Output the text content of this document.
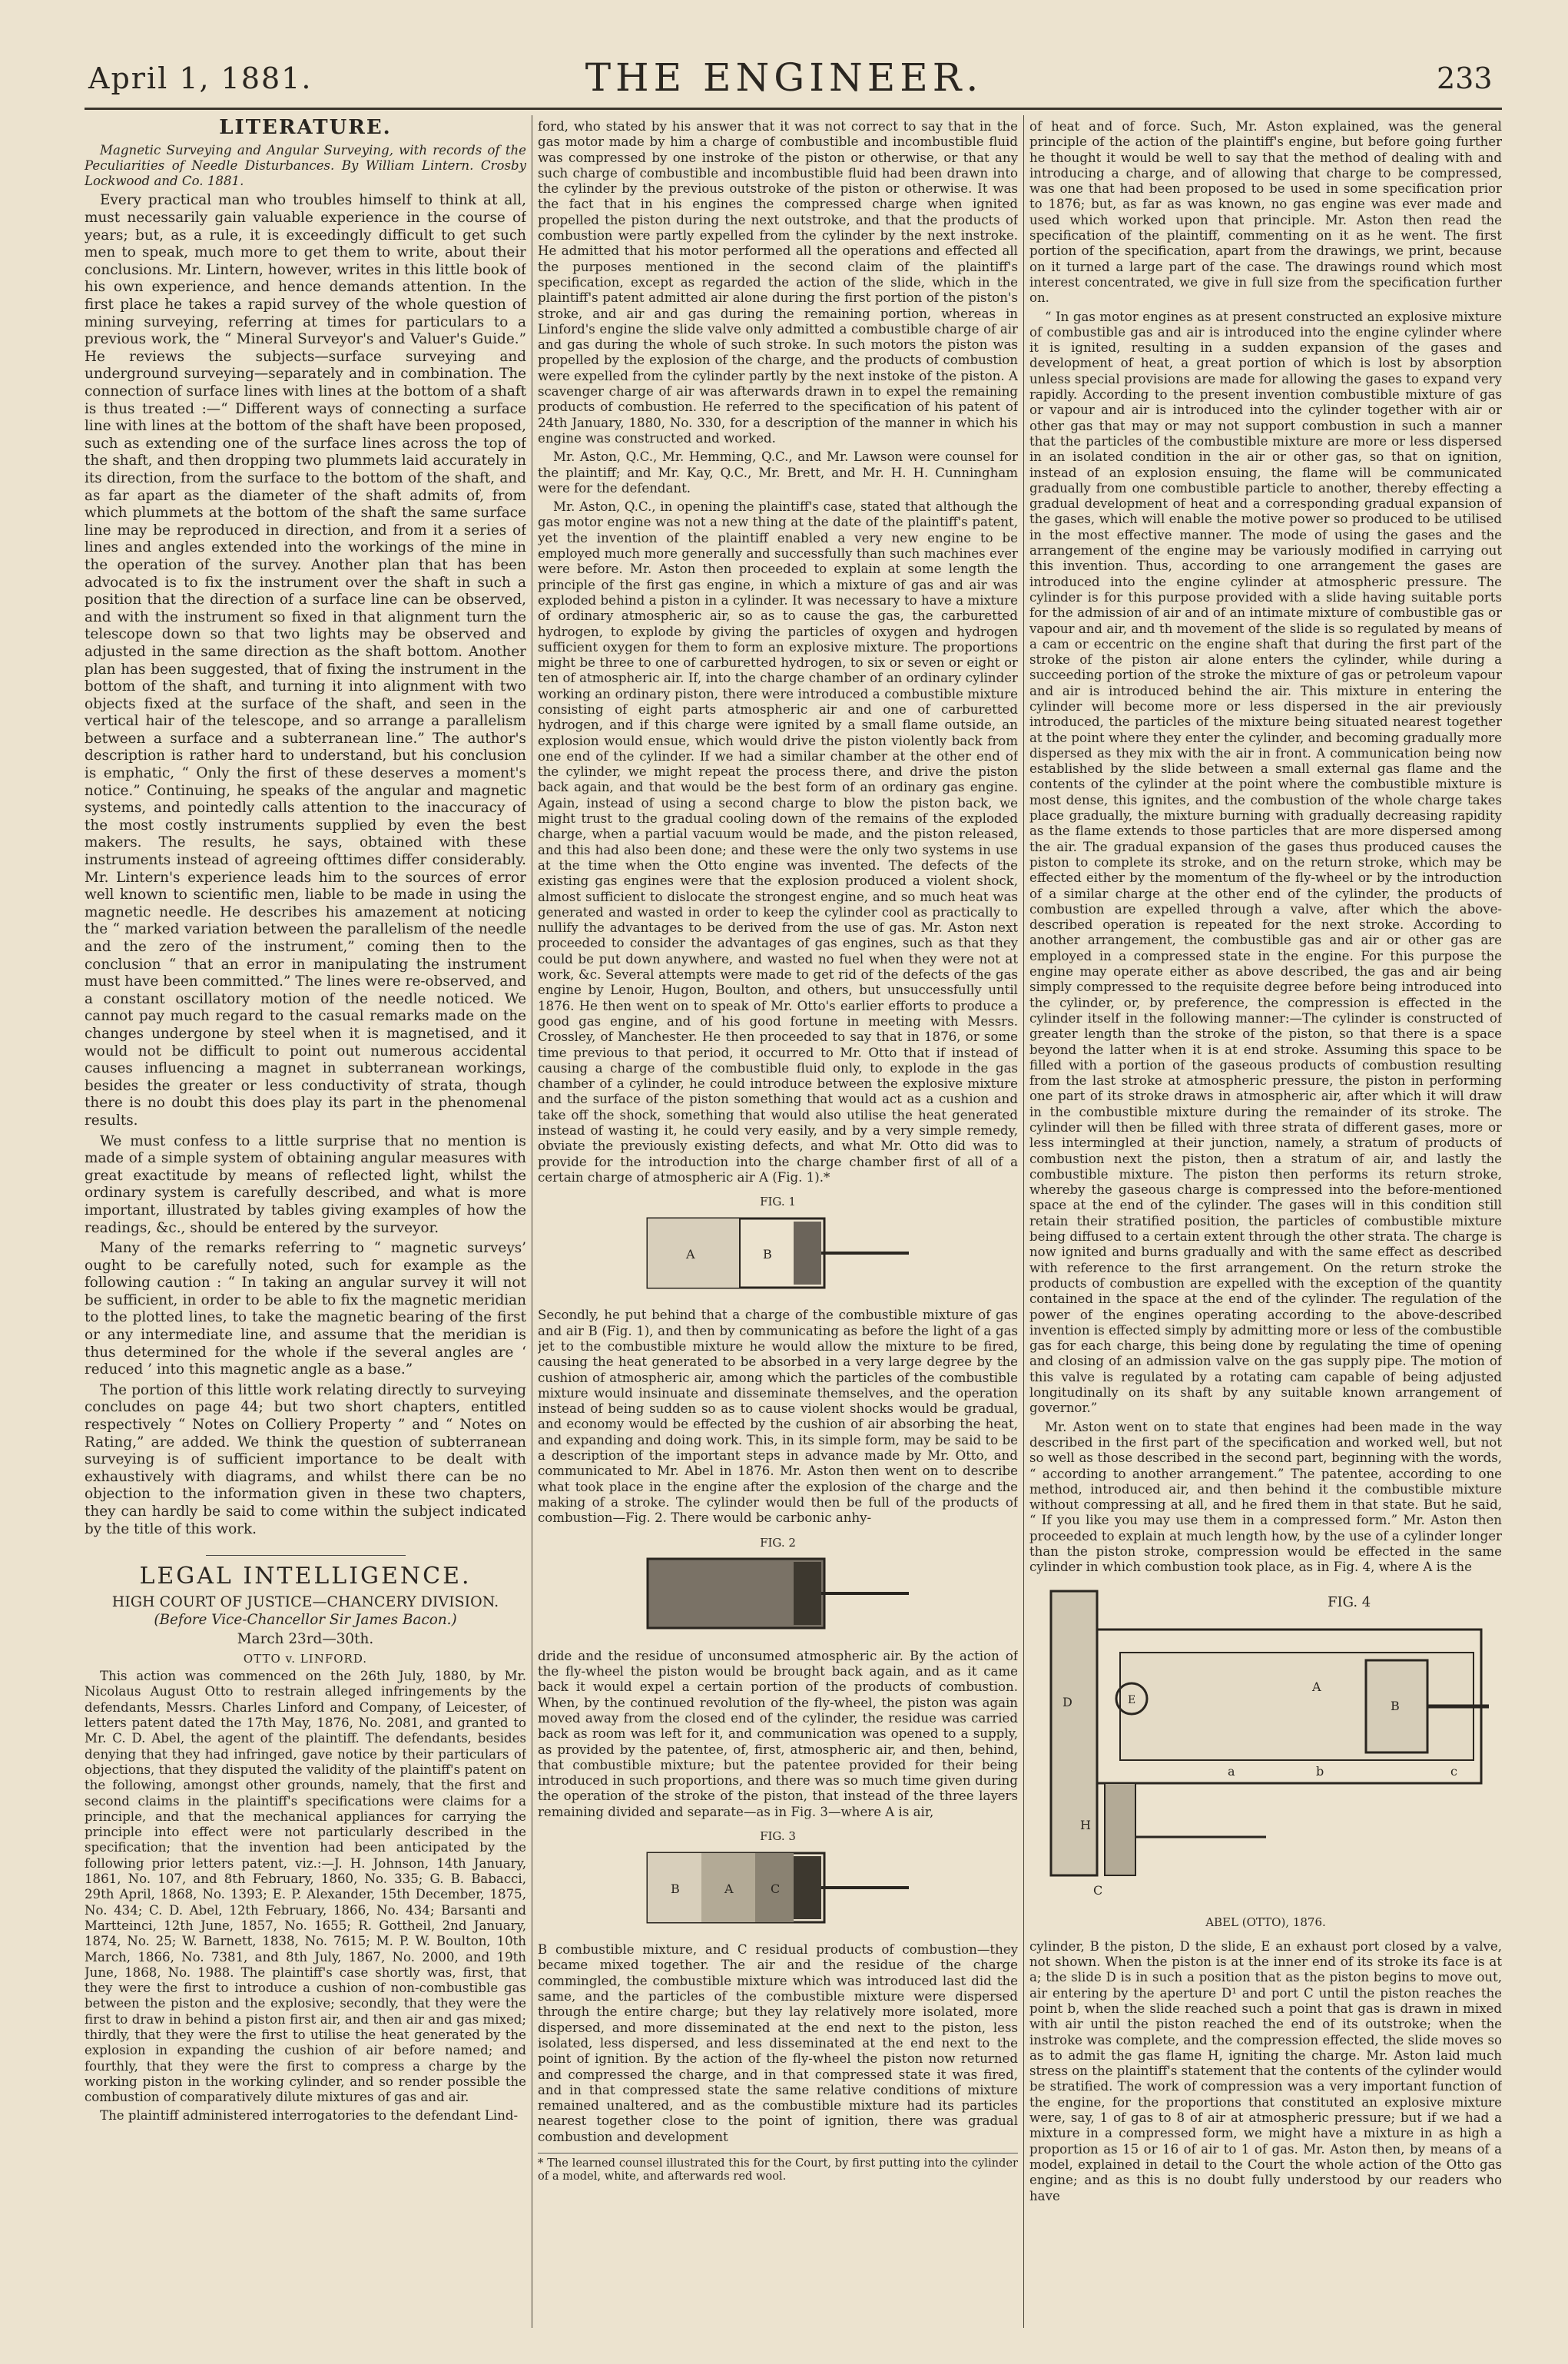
April 1, 1881.	THE ENGINEER.	233
LITERATURE.

Magnetic Surveying and Angular Surveying, with records of the Peculiarities of Needle Disturbances. By William Lintern. Crosby Lockwood and Co. 1881.

Every practical man who troubles himself to think at all, must necessarily gain valuable experience in the course of years; but, as a rule, it is exceedingly difficult to get such men to speak, much more to get them to write, about their conclusions. Mr. Lintern, however, writes in this little book of his own experience, and hence demands attention. In the first place he takes a rapid survey of the whole question of mining surveying, referring at times for particulars to a previous work, the “ Mineral Surveyor's and Valuer's Guide.” He reviews the subjects—surface surveying and underground surveying—separately and in combination. The connection of surface lines with lines at the bottom of a shaft is thus treated :—“ Different ways of connecting a surface line with lines at the bottom of the shaft have been proposed, such as extending one of the surface lines across the top of the shaft, and then dropping two plummets laid accurately in its direction, from the surface to the bottom of the shaft, and as far apart as the diameter of the shaft admits of, from which plummets at the bottom of the shaft the same surface line may be reproduced in direction, and from it a series of lines and angles extended into the workings of the mine in the operation of the survey. Another plan that has been advocated is to fix the instrument over the shaft in such a position that the direction of a surface line can be observed, and with the instrument so fixed in that alignment turn the telescope down so that two lights may be observed and adjusted in the same direction as the shaft bottom. Another plan has been suggested, that of fixing the instrument in the bottom of the shaft, and turning it into alignment with two objects fixed at the surface of the shaft, and seen in the vertical hair of the telescope, and so arrange a parallelism between a surface and a subterranean line.” The author's description is rather hard to understand, but his conclusion is emphatic, “ Only the first of these deserves a moment's notice.” Continuing, he speaks of the angular and magnetic systems, and pointedly calls attention to the inaccuracy of the most costly instruments supplied by even the best makers. The results, he says, obtained with these instruments instead of agreeing ofttimes differ considerably. Mr. Lintern's experience leads him to the sources of error well known to scientific men, liable to be made in using the magnetic needle. He describes his amazement at noticing the “ marked variation between the parallelism of the needle and the zero of the instrument,” coming then to the conclusion “ that an error in manipulating the instrument must have been committed.” The lines were re-observed, and a constant oscillatory motion of the needle noticed. We cannot pay much regard to the casual remarks made on the changes undergone by steel when it is magnetised, and it would not be difficult to point out numerous accidental causes influencing a magnet in subterranean workings, besides the greater or less conductivity of strata, though there is no doubt this does play its part in the phenomenal results.

We must confess to a little surprise that no mention is made of a simple system of obtaining angular measures with great exactitude by means of reflected light, whilst the ordinary system is carefully described, and what is more important, illustrated by tables giving examples of how the readings, &c., should be entered by the surveyor.

Many of the remarks referring to “ magnetic surveys’ ought to be carefully noted, such for example as the following caution : “ In taking an angular survey it will not be sufficient, in order to be able to fix the magnetic meridian to the plotted lines, to take the magnetic bearing of the first or any intermediate line, and assume that the meridian is thus determined for the whole if the several angles are ‘ reduced ’ into this magnetic angle as a base.”

The portion of this little work relating directly to surveying concludes on page 44; but two short chapters, entitled respectively “ Notes on Colliery Property ” and “ Notes on Rating,” are added. We think the question of subterranean surveying is of sufficient importance to be dealt with exhaustively with diagrams, and whilst there can be no objection to the information given in these two chapters, they can hardly be said to come within the subject indicated by the title of this work.

LEGAL INTELLIGENCE.
HIGH COURT OF JUSTICE—CHANCERY DIVISION.
(Before Vice-Chancellor Sir James Bacon.)
March 23rd—30th.
OTTO v. LINFORD.

This action was commenced on the 26th July, 1880, by Mr. Nicolaus August Otto to restrain alleged infringements by the defendants, Messrs. Charles Linford and Company, of Leicester, of letters patent dated the 17th May, 1876, No. 2081, and granted to Mr. C. D. Abel, the agent of the plaintiff. The defendants, besides denying that they had infringed, gave notice by their particulars of objections, that they disputed the validity of the plaintiff's patent on the following, amongst other grounds, namely, that the first and second claims in the plaintiff's specifications were claims for a principle, and that the mechanical appliances for carrying the principle into effect were not particularly described in the specification; that the invention had been anticipated by the following prior letters patent, viz.:—J. H. Johnson, 14th January, 1861, No. 107, and 8th February, 1860, No. 335; G. B. Babacci, 29th April, 1868, No. 1393; E. P. Alexander, 15th December, 1875, No. 434; C. D. Abel, 12th February, 1866, No. 434; Barsanti and Martteinci, 12th June, 1857, No. 1655; R. Gottheil, 2nd January, 1874, No. 25; W. Barnett, 1838, No. 7615; M. P. W. Boulton, 10th March, 1866, No. 7381, and 8th July, 1867, No. 2000, and 19th June, 1868, No. 1988. The plaintiff's case shortly was, first, that they were the first to introduce a cushion of non-combustible gas between the piston and the explosive; secondly, that they were the first to draw in behind a piston first air, and then air and gas mixed; thirdly, that they were the first to utilise the heat generated by the explosion in expanding the cushion of air before named; and fourthly, that they were the first to compress a charge by the working piston in the working cylinder, and so render possible the combustion of comparatively dilute mixtures of gas and air.

The plaintiff administered interrogatories to the defendant Lind-

ford, who stated by his answer that it was not correct to say that in the gas motor made by him a charge of combustible and incombustible fluid was compressed by one instroke of the piston or otherwise, or that any such charge of combustible and incombustible fluid had been drawn into the cylinder by the previous outstroke of the piston or otherwise. It was the fact that in his engines the compressed charge when ignited propelled the piston during the next outstroke, and that the products of combustion were partly expelled from the cylinder by the next instroke. He admitted that his motor performed all the operations and effected all the purposes mentioned in the second claim of the plaintiff's specification, except as regarded the action of the slide, which in the plaintiff's patent admitted air alone during the first portion of the piston's stroke, and air and gas during the remaining portion, whereas in Linford's engine the slide valve only admitted a combustible charge of air and gas during the whole of such stroke. In such motors the piston was propelled by the explosion of the charge, and the products of combustion were expelled from the cylinder partly by the next instoke of the piston. A scavenger charge of air was afterwards drawn in to expel the remaining products of combustion. He referred to the specification of his patent of 24th January, 1880, No. 330, for a description of the manner in which his engine was constructed and worked.

Mr. Aston, Q.C., Mr. Hemming, Q.C., and Mr. Lawson were counsel for the plaintiff; and Mr. Kay, Q.C., Mr. Brett, and Mr. H. H. Cunningham were for the defendant.

Mr. Aston, Q.C., in opening the plaintiff's case, stated that although the gas motor engine was not a new thing at the date of the plaintiff's patent, yet the invention of the plaintiff enabled a very new engine to be employed much more generally and successfully than such machines ever were before. Mr. Aston then proceeded to explain at some length the principle of the first gas engine, in which a mixture of gas and air was exploded behind a piston in a cylinder. It was necessary to have a mixture of ordinary atmospheric air, so as to cause the gas, the carburetted hydrogen, to explode by giving the particles of oxygen and hydrogen sufficient oxygen for them to form an explosive mixture. The proportions might be three to one of carburetted hydrogen, to six or seven or eight or ten of atmospheric air. If, into the charge chamber of an ordinary cylinder working an ordinary piston, there were introduced a combustible mixture consisting of eight parts atmospheric air and one of carburetted hydrogen, and if this charge were ignited by a small flame outside, an explosion would ensue, which would drive the piston violently back from one end of the cylinder. If we had a similar chamber at the other end of the cylinder, we might repeat the process there, and drive the piston back again, and that would be the best form of an ordinary gas engine. Again, instead of using a second charge to blow the piston back, we might trust to the gradual cooling down of the remains of the exploded charge, when a partial vacuum would be made, and the piston released, and this had also been done; and these were the only two systems in use at the time when the Otto engine was invented. The defects of the existing gas engines were that the explosion produced a violent shock, almost sufficient to dislocate the strongest engine, and so much heat was generated and wasted in order to keep the cylinder cool as practically to nullify the advantages to be derived from the use of gas. Mr. Aston next proceeded to consider the advantages of gas engines, such as that they could be put down anywhere, and wasted no fuel when they were not at work, &c. Several attempts were made to get rid of the defects of the gas engine by Lenoir, Hugon, Boulton, and others, but unsuccessfully until 1876. He then went on to speak of Mr. Otto's earlier efforts to produce a good gas engine, and of his good fortune in meeting with Messrs. Crossley, of Manchester. He then proceeded to say that in 1876, or some time previous to that period, it occurred to Mr. Otto that if instead of causing a charge of the combustible fluid only, to explode in the gas chamber of a cylinder, he could introduce between the explosive mixture and the surface of the piston something that would act as a cushion and take off the shock, something that would also utilise the heat generated instead of wasting it, he could very easily, and by a very simple remedy, obviate the previously existing defects, and what Mr. Otto did was to provide for the introduction into the charge chamber first of all of a certain charge of atmospheric air A (Fig. 1).*

FIG. 1
A	B

Secondly, he put behind that a charge of the combustible mixture of gas and air B (Fig. 1), and then by communicating as before the light of a gas jet to the combustible mixture he would allow the mixture to be fired, causing the heat generated to be absorbed in a very large degree by the cushion of atmospheric air, among which the particles of the combustible mixture would insinuate and disseminate themselves, and the operation instead of being sudden so as to cause violent shocks would be gradual, and economy would be effected by the cushion of air absorbing the heat, and expanding and doing work. This, in its simple form, may be said to be a description of the important steps in advance made by Mr. Otto, and communicated to Mr. Abel in 1876. Mr. Aston then went on to describe what took place in the engine after the explosion of the charge and the making of a stroke. The cylinder would then be full of the products of combustion—Fig. 2. There would be carbonic anhy-

FIG. 2

dride and the residue of unconsumed atmospheric air. By the action of the fly-wheel the piston would be brought back again, and as it came back it would expel a certain portion of the products of combustion. When, by the continued revolution of the fly-wheel, the piston was again moved away from the closed end of the cylinder, the residue was carried back as room was left for it, and communication was opened to a supply, as provided by the patentee, of, first, atmospheric air, and then, behind, that combustible mixture; but the patentee provided for their being introduced in such proportions, and there was so much time given during the operation of the stroke of the piston, that instead of the three layers remaining divided and separate—as in Fig. 3—where A is air,

FIG. 3
B	A	C

B combustible mixture, and C residual products of combustion—they became mixed together. The air and the residue of the charge commingled, the combustible mixture which was introduced last did the same, and the particles of the combustible mixture were dispersed through the entire charge; but they lay relatively more isolated, more dispersed, and more disseminated at the end next to the piston, less isolated, less dispersed, and less disseminated at the end next to the point of ignition. By the action of the fly-wheel the piston now returned and compressed the charge, and in that compressed state it was fired, and in that compressed state the same relative conditions of mixture remained unaltered, and as the combustible mixture had its particles nearest together close to the point of ignition, there was gradual combustion and development

* The learned counsel illustrated this for the Court, by first putting into the cylinder of a model, white, and afterwards red wool.

of heat and of force. Such, Mr. Aston explained, was the general principle of the action of the plaintiff's engine, but before going further he thought it would be well to say that the method of dealing with and introducing a charge, and of allowing that charge to be compressed, was one that had been proposed to be used in some specification prior to 1876; but, as far as was known, no gas engine was ever made and used which worked upon that principle. Mr. Aston then read the specification of the plaintiff, commenting on it as he went. The first portion of the specification, apart from the drawings, we print, because on it turned a large part of the case. The drawings round which most interest concentrated, we give in full size from the specification further on.

“ In gas motor engines as at present constructed an explosive mixture of combustible gas and air is introduced into the engine cylinder where it is ignited, resulting in a sudden expansion of the gases and development of heat, a great portion of which is lost by absorption unless special provisions are made for allowing the gases to expand very rapidly. According to the present invention combustible mixture of gas or vapour and air is introduced into the cylinder together with air or other gas that may or may not support combustion in such a manner that the particles of the combustible mixture are more or less dispersed in an isolated condition in the air or other gas, so that on ignition, instead of an explosion ensuing, the flame will be communicated gradually from one combustible particle to another, thereby effecting a gradual development of heat and a corresponding gradual expansion of the gases, which will enable the motive power so produced to be utilised in the most effective manner. The mode of using the gases and the arrangement of the engine may be variously modified in carrying out this invention. Thus, according to one arrangement the gases are introduced into the engine cylinder at atmospheric pressure. The cylinder is for this purpose provided with a slide having suitable ports for the admission of air and of an intimate mixture of combustible gas or vapour and air, and th movement of the slide is so regulated by means of a cam or eccentric on the engine shaft that during the first part of the stroke of the piston air alone enters the cylinder, while during a succeeding portion of the stroke the mixture of gas or petroleum vapour and air is introduced behind the air. This mixture in entering the cylinder will become more or less dispersed in the air previously introduced, the particles of the mixture being situated nearest together at the point where they enter the cylinder, and becoming gradually more dispersed as they mix with the air in front. A communication being now established by the slide between a small external gas flame and the contents of the cylinder at the point where the combustible mixture is most dense, this ignites, and the combustion of the whole charge takes place gradually, the mixture burning with gradually decreasing rapidity as the flame extends to those particles that are more dispersed among the air. The gradual expansion of the gases thus produced causes the piston to complete its stroke, and on the return stroke, which may be effected either by the momentum of the fly-wheel or by the introduction of a similar charge at the other end of the cylinder, the products of combustion are expelled through a valve, after which the above-described operation is repeated for the next stroke. According to another arrangement, the combustible gas and air or other gas are employed in a compressed state in the engine. For this purpose the engine may operate either as above described, the gas and air being simply compressed to the requisite degree before being introduced into the cylinder, or, by preference, the compression is effected in the cylinder itself in the following manner:—The cylinder is constructed of greater length than the stroke of the piston, so that there is a space beyond the latter when it is at end stroke. Assuming this space to be filled with a portion of the gaseous products of combustion resulting from the last stroke at atmospheric pressure, the piston in performing one part of its stroke draws in atmospheric air, after which it will draw in the combustible mixture during the remainder of its stroke. The cylinder will then be filled with three strata of different gases, more or less intermingled at their junction, namely, a stratum of products of combustion next the piston, then a stratum of air, and lastly the combustible mixture. The piston then performs its return stroke, whereby the gaseous charge is compressed into the before-mentioned space at the end of the cylinder. The gases will in this condition still retain their stratified position, the particles of combustible mixture being diffused to a certain extent through the other strata. The charge is now ignited and burns gradually and with the same effect as described with reference to the first arrangement. On the return stroke the products of combustion are expelled with the exception of the quantity contained in the space at the end of the cylinder. The regulation of the power of the engines operating according to the above-described invention is effected simply by admitting more or less of the combustible gas for each charge, this being done by regulating the time of opening and closing of an admission valve on the gas supply pipe. The motion of this valve is regulated by a rotating cam capable of being adjusted longitudinally on its shaft by any suitable known arrangement of governor.”

Mr. Aston went on to state that engines had been made in the way described in the first part of the specification and worked well, but not so well as those described in the second part, beginning with the words, “ according to another arrangement.” The patentee, according to one method, introduced air, and then behind it the combustible mixture without compressing at all, and he fired them in that state. But he said, “ If you like you may use them in a compressed form.” Mr. Aston then proceeded to explain at much length how, by the use of a cylinder longer than the piston stroke, compression would be effected in the same cylinder in which combustion took place, as in Fig. 4, where A is the

FIG. 4
D
H
E
A
B
a	b	c
C
ABEL (OTTO), 1876.

cylinder, B the piston, D the slide, E an exhaust port closed by a valve, not shown. When the piston is at the inner end of its stroke its face is at a; the slide D is in such a position that as the piston begins to move out, air entering by the aperture D¹ and port C until the piston reaches the point b, when the slide reached such a point that gas is drawn in mixed with air until the piston reached the end of its outstroke; when the instroke was complete, and the compression effected, the slide moves so as to admit the gas flame H, igniting the charge. Mr. Aston laid much stress on the plaintiff's statement that the contents of the cylinder would be stratified. The work of compression was a very important function of the engine, for the proportions that constituted an explosive mixture were, say, 1 of gas to 8 of air at atmospheric pressure; but if we had a mixture in a compressed form, we might have a mixture in as high a proportion as 15 or 16 of air to 1 of gas. Mr. Aston then, by means of a model, explained in detail to the Court the whole action of the Otto gas engine; and as this is no doubt fully understood by our readers who have
